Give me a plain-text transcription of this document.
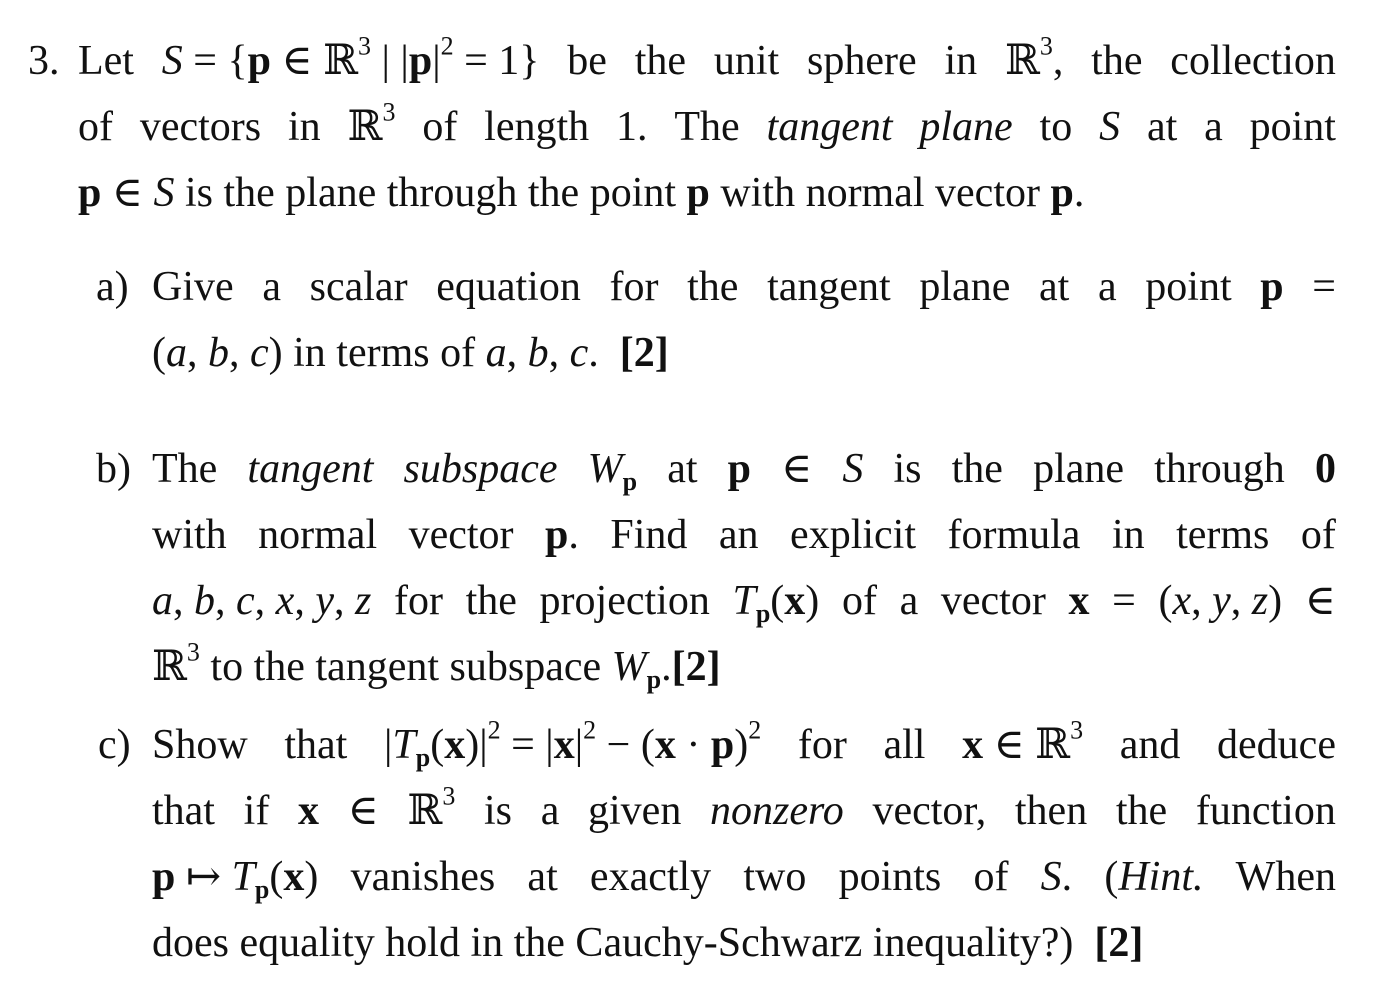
3. Let S = {p ∈ ℝ$^3$ | $|p|^2 = 1$} be the unit sphere in ℝ$^3$, the collection
of vectors in ℝ$^3$ of length 1. The tangent plane to S at a point
p ∈ S is the plane through the point p with normal vector p.
a) Give a scalar equation for the tangent plane at a point p =
(a, b, c) in terms of a, b, c.  [2]
b) The tangent subspace $W_p$ at p ∈ S is the plane through 0
with normal vector p. Find an explicit formula in terms of
a, b, c, x, y, z for the projection $T_p(x)$ of a vector x = (x, y, z) ∈
ℝ$^3$ to the tangent subspace $W_p.[2]$
c) Show that $|T_p(x)|^2 = |x|^2 - (x \cdot p)^2$ for all x ∈ ℝ$^3$ and deduce
that if x ∈ ℝ$^3$ is a given nonzero vector, then the function
p ↦ $T_p(x)$ vanishes at exactly two points of S. (Hint. When
does equality hold in the Cauchy-Schwarz inequality?)  [2]
